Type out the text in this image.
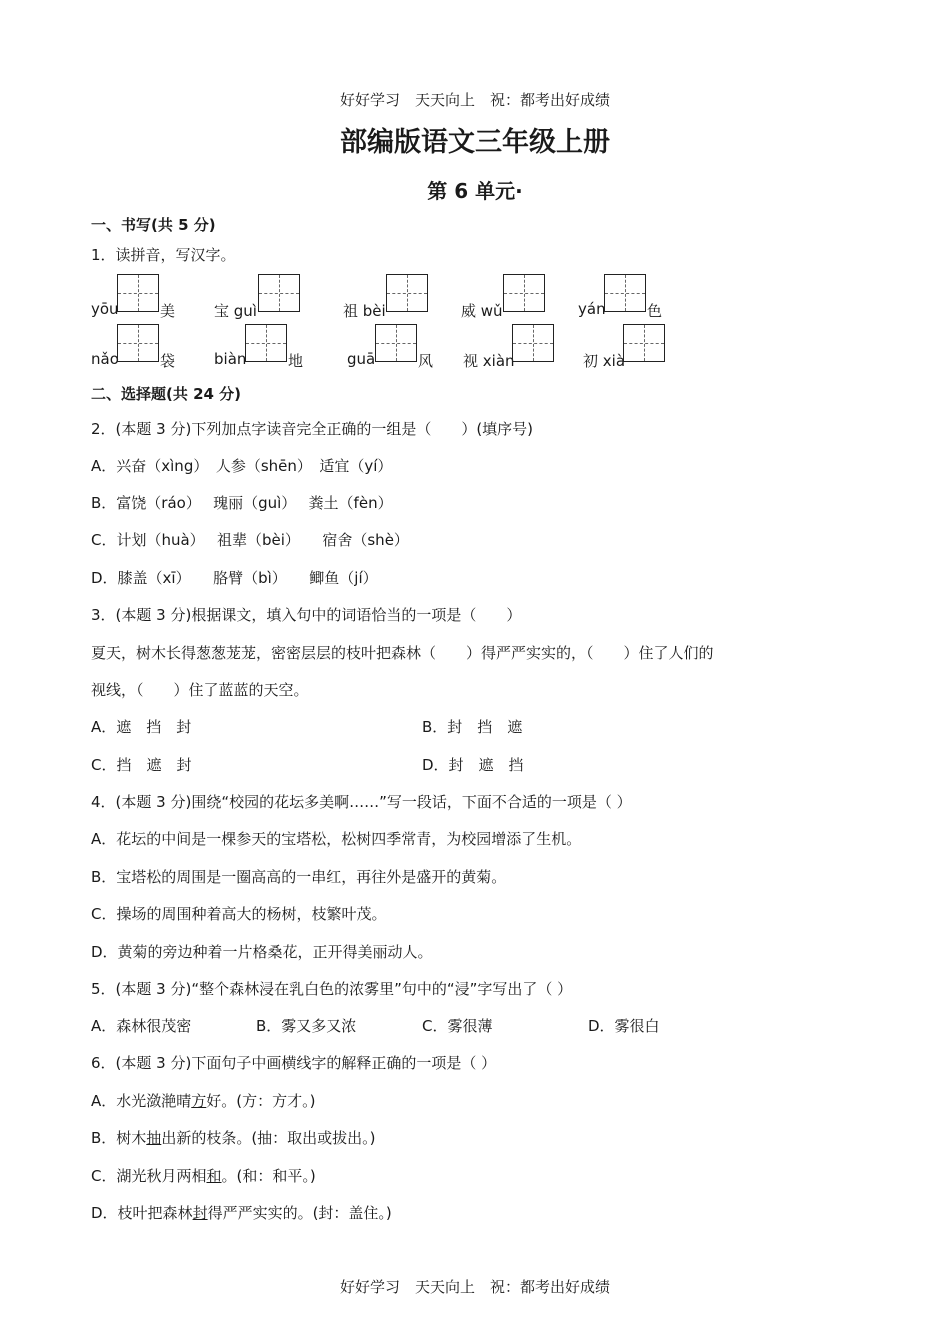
好好学习　天天向上　祝：都考出好成绩
部编版语文三年级上册
第 6 单元·
一、书写(共 5 分)
1．读拼音，写汉字。
yōu	美	宝 guì	祖 bèi	威 wǔ	yán	色
nǎo	袋	biàn	地	guā	风 视 xiàn	初 xià
二、选择题(共 24 分)
2．(本题 3 分)下列加点字读音完全正确的一组是（　　）(填序号)
A．兴奋（xìng）　人参（shēn）　适宜（yí）
B．富饶（ráo）　 瑰丽（guì）　 粪土（fèn）
C．计划（huà）　 祖辈（bèi）　　宿舍（shè）
D．膝盖（xī）　　胳臂（bì）　　鲫鱼（jí）
3．(本题 3 分)根据课文，填入句中的词语恰当的一项是（　　）
夏天，树木长得葱葱茏茏，密密层层的枝叶把森林（　　）得严严实实的，（　　）住了人们的
视线，（　　）住了蓝蓝的天空。
A．遮　挡　封	B．封　挡　遮
C．挡　遮　封	D．封　遮　挡
4．(本题 3 分)围绕“校园的花坛多美啊……”写一段话，下面不合适的一项是（ ）
A．花坛的中间是一棵参天的宝塔松，松树四季常青，为校园增添了生机。
B．宝塔松的周围是一圈高高的一串红，再往外是盛开的黄菊。
C．操场的周围种着高大的杨树，枝繁叶茂。
D．黄菊的旁边种着一片格桑花，正开得美丽动人。
5．(本题 3 分)“整个森林浸在乳白色的浓雾里”句中的“浸”字写出了（ ）
A．森林很茂密	B．雾又多又浓	C．雾很薄	D．雾很白
6．(本题 3 分)下面句子中画横线字的解释正确的一项是（ ）
A．水光潋滟晴方好。(方：方才。)
B．树木抽出新的枝条。(抽：取出或拔出。)
C．湖光秋月两相和。(和：和平。)
D．枝叶把森林封得严严实实的。(封：盖住。)
好好学习　天天向上　祝：都考出好成绩
